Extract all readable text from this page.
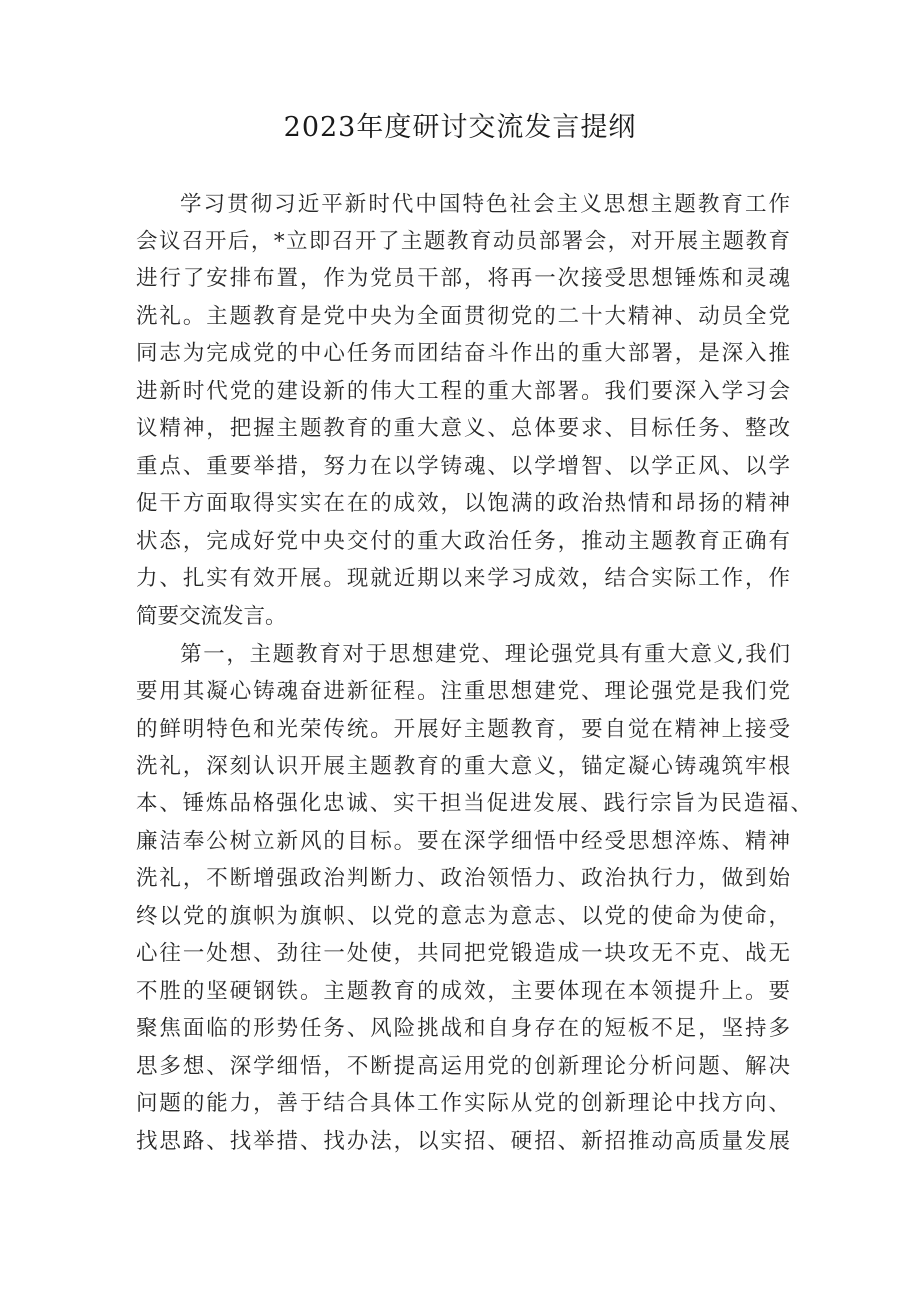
2023年度研讨交流发言提纲
学习贯彻习近平新时代中国特色社会主义思想主题教育工作
会议召开后，*立即召开了主题教育动员部署会，对开展主题教育
进行了安排布置，作为党员干部，将再一次接受思想锤炼和灵魂
洗礼。主题教育是党中央为全面贯彻党的二十大精神、动员全党
同志为完成党的中心任务而团结奋斗作出的重大部署，是深入推
进新时代党的建设新的伟大工程的重大部署。我们要深入学习会
议精神，把握主题教育的重大意义、总体要求、目标任务、整改
重点、重要举措，努力在以学铸魂、以学增智、以学正风、以学
促干方面取得实实在在的成效，以饱满的政治热情和昂扬的精神
状态，完成好党中央交付的重大政治任务，推动主题教育正确有
力、扎实有效开展。现就近期以来学习成效，结合实际工作，作
简要交流发言。
第一，主题教育对于思想建党、理论强党具有重大意义,我们
要用其凝心铸魂奋进新征程。注重思想建党、理论强党是我们党
的鲜明特色和光荣传统。开展好主题教育，要自觉在精神上接受
洗礼，深刻认识开展主题教育的重大意义，锚定凝心铸魂筑牢根
本、锤炼品格强化忠诚、实干担当促进发展、践行宗旨为民造福、
廉洁奉公树立新风的目标。要在深学细悟中经受思想淬炼、精神
洗礼，不断增强政治判断力、政治领悟力、政治执行力，做到始
终以党的旗帜为旗帜、以党的意志为意志、以党的使命为使命，
心往一处想、劲往一处使，共同把党锻造成一块攻无不克、战无
不胜的坚硬钢铁。主题教育的成效，主要体现在本领提升上。要
聚焦面临的形势任务、风险挑战和自身存在的短板不足，坚持多
思多想、深学细悟，不断提高运用党的创新理论分析问题、解决
问题的能力，善于结合具体工作实际从党的创新理论中找方向、
找思路、找举措、找办法，以实招、硬招、新招推动高质量发展
